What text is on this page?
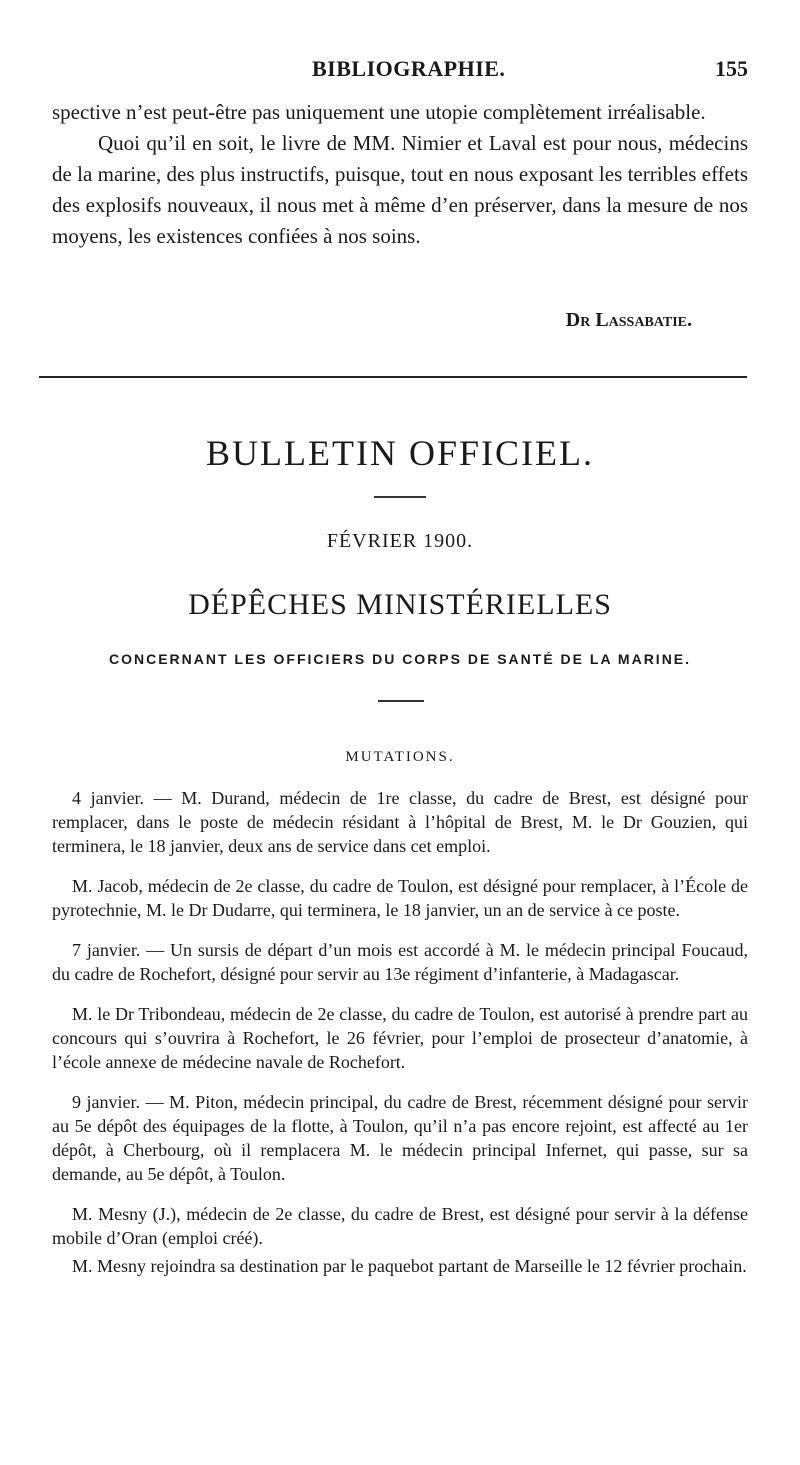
BIBLIOGRAPHIE.	155

spective n’est peut-être pas uniquement une utopie complètement irréalisable.

Quoi qu’il en soit, le livre de MM. Nimier et Laval est pour nous, médecins de la marine, des plus instructifs, puisque, tout en nous exposant les terribles effets des explosifs nouveaux, il nous met à même d’en préserver, dans la mesure de nos moyens, les existences confiées à nos soins.

Dr Lassabatie.
BULLETIN OFFICIEL.
FÉVRIER 1900.
DÉPÊCHES MINISTÉRIELLES
CONCERNANT LES OFFICIERS DU CORPS DE SANTÉ DE LA MARINE.
MUTATIONS.

4 janvier. — M. Durand, médecin de 1re classe, du cadre de Brest, est désigné pour remplacer, dans le poste de médecin résidant à l’hôpital de Brest, M. le Dr Gouzien, qui terminera, le 18 janvier, deux ans de service dans cet emploi.

M. Jacob, médecin de 2e classe, du cadre de Toulon, est désigné pour remplacer, à l’École de pyrotechnie, M. le Dr Dudarre, qui terminera, le 18 janvier, un an de service à ce poste.

7 janvier. — Un sursis de départ d’un mois est accordé à M. le médecin principal Foucaud, du cadre de Rochefort, désigné pour servir au 13e régiment d’infanterie, à Madagascar.

M. le Dr Tribondeau, médecin de 2e classe, du cadre de Toulon, est autorisé à prendre part au concours qui s’ouvrira à Rochefort, le 26 février, pour l’emploi de prosecteur d’anatomie, à l’école annexe de médecine navale de Rochefort.

9 janvier. — M. Piton, médecin principal, du cadre de Brest, récemment désigné pour servir au 5e dépôt des équipages de la flotte, à Toulon, qu’il n’a pas encore rejoint, est affecté au 1er dépôt, à Cherbourg, où il remplacera M. le médecin principal Infernet, qui passe, sur sa demande, au 5e dépôt, à Toulon.

M. Mesny (J.), médecin de 2e classe, du cadre de Brest, est désigné pour servir à la défense mobile d’Oran (emploi créé).

M. Mesny rejoindra sa destination par le paquebot partant de Marseille le 12 février prochain.
